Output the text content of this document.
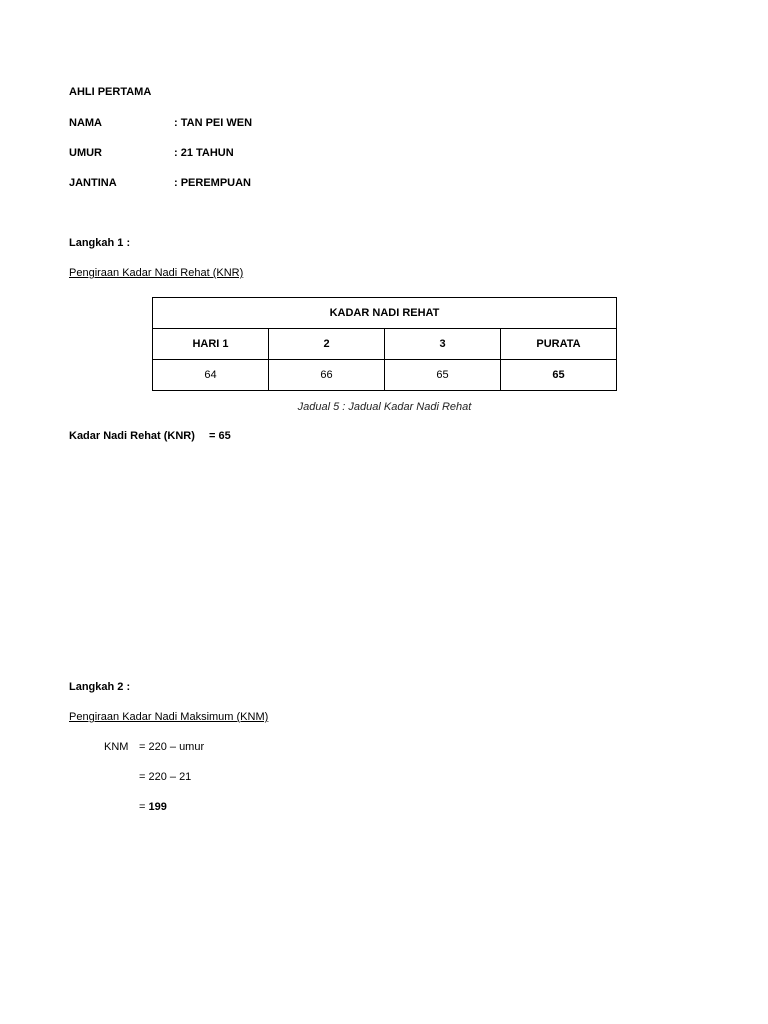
AHLI PERTAMA
NAMA	: TAN PEI WEN
UMUR	: 21 TAHUN
JANTINA	: PEREMPUAN
Langkah 1 :
Pengiraan Kadar Nadi Rehat (KNR)
KADAR NADI REHAT			
HARI 1	2	3	PURATA
64	66	65	65
Jadual 5 : Jadual Kadar Nadi Rehat
Kadar Nadi Rehat (KNR) = 65
Langkah 2 :
Pengiraan Kadar Nadi Maksimum (KNM)
KNM = 220 – umur
= 220 – 21
= 199
